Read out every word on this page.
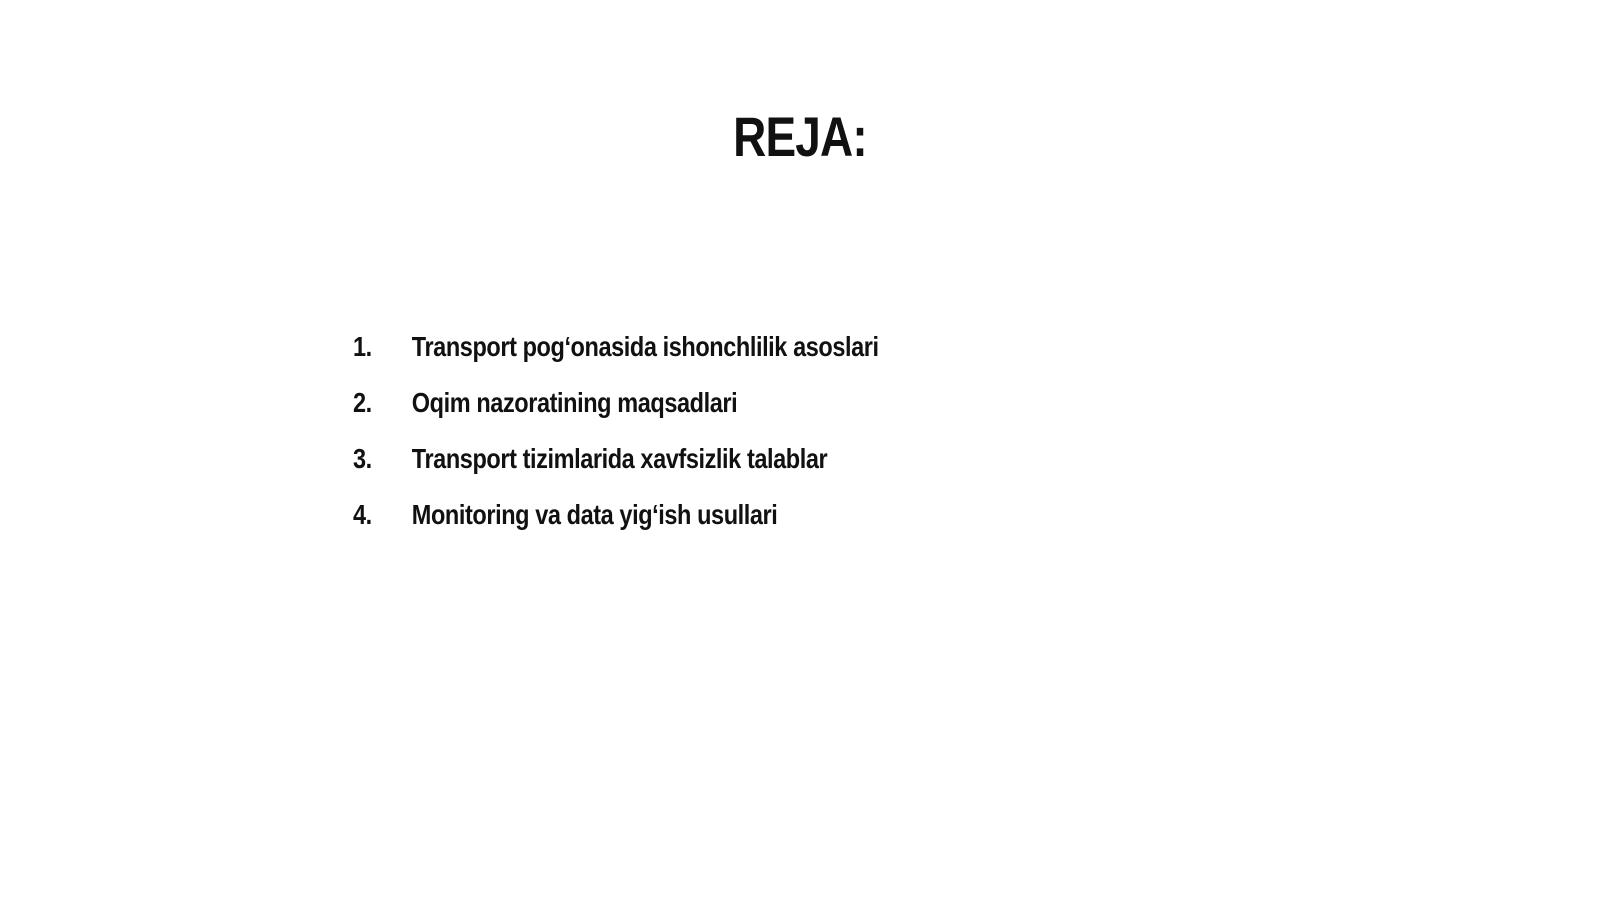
REJA:
1.	Transport pog‘onasida ishonchlilik asoslari
2.	Oqim nazoratining maqsadlari
3.	Transport tizimlarida xavfsizlik talablar
4.	Monitoring va data yig‘ish usullari
